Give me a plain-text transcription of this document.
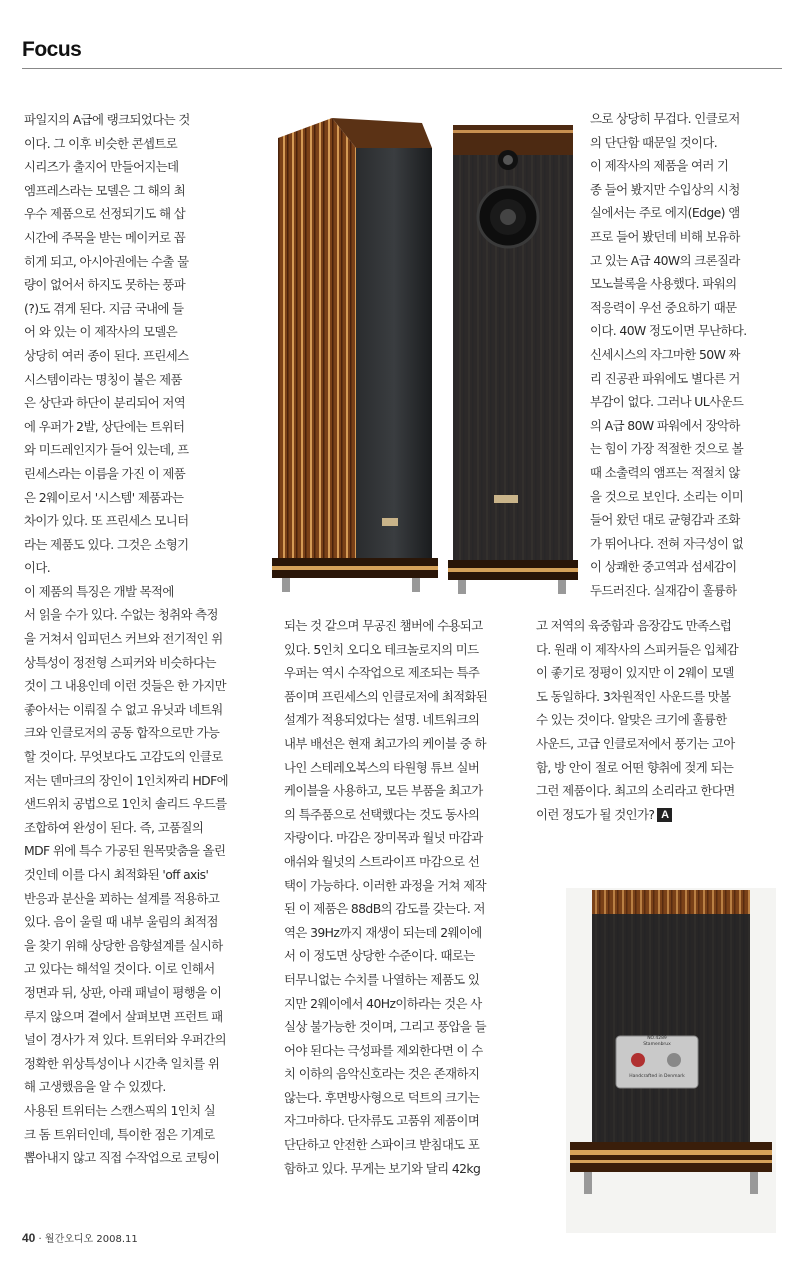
Focus
파일지의 A급에 랭크되었다는 것
이다. 그 이후 비슷한 콘셉트로
시리즈가 출지어 만들어지는데
엠프레스라는 모델은 그 해의 최
우수 제품으로 선정되기도 해 삽
시간에 주목을 받는 메이커로 꼽
히게 되고, 아시아권에는 수출 물
량이 없어서 하지도 못하는 풍파
(?)도 겪게 된다. 지금 국내에 들
어 와 있는 이 제작사의 모델은
상당히 여러 종이 된다. 프린세스
시스템이라는 명칭이 붙은 제품
은 상단과 하단이 분리되어 저역
에 우퍼가 2발, 상단에는 트위터
와 미드레인지가 들어 있는데, 프
린세스라는 이름을 가진 이 제품
은 2웨이로서 '시스템' 제품과는
차이가 있다. 또 프린세스 모니터
라는 제품도 있다. 그것은 소형기
이다.
이 제품의 특징은 개발 목적에
서 읽을 수가 있다. 수없는 청취와 측정
을 거쳐서 임피던스 커브와 전기적인 위
상특성이 정전형 스피커와 비슷하다는
것이 그 내용인데 이런 것들은 한 가지만
좋아서는 이뤄질 수 없고 유닛과 네트워
크와 인클로저의 공동 합작으로만 가능
할 것이다. 무엇보다도 고감도의 인클로
저는 덴마크의 장인이 1인치짜리 HDF에
샌드위치 공법으로 1인치 솔리드 우드를
조합하여 완성이 된다. 즉, 고품질의
MDF 위에 특수 가공된 원목맞춤을 올린
것인데 이를 다시 최적화된 'off axis'
반응과 분산을 꾀하는 설계를 적용하고
있다. 음이 울릴 때 내부 울림의 최적점
을 찾기 위해 상당한 음향설계를 실시하
고 있다는 해석일 것이다. 이로 인해서
정면과 뒤, 상판, 아래 패널이 평행을 이
루지 않으며 곁에서 살펴보면 프런트 패
널이 경사가 져 있다. 트위터와 우퍼간의
정확한 위상특성이나 시간축 일치를 위
해 고생했음을 알 수 있겠다.
사용된 트위터는 스캔스픽의 1인치 실
크 돔 트위터인데, 특이한 점은 기계로
뽑아내지 않고 직접 수작업으로 코팅이
되는 것 같으며 무공진 챔버에 수용되고
있다. 5인치 오디오 테크놀로지의 미드
우퍼는 역시 수작업으로 제조되는 특주
품이며 프린세스의 인클로저에 최적화된
설계가 적용되었다는 설명. 네트워크의
내부 배선은 현재 최고가의 케이블 중 하
나인 스테레오복스의 타원형 튜브 실버
케이블을 사용하고, 모든 부품을 최고가
의 특주품으로 선택했다는 것도 동사의
자랑이다. 마감은 장미목과 월넛 마감과
애쉬와 월넛의 스트라이프 마감으로 선
택이 가능하다. 이러한 과정을 거쳐 제작
된 이 제품은 88dB의 감도를 갖는다. 저
역은 39Hz까지 재생이 되는데 2웨이에
서 이 정도면 상당한 수준이다. 때로는
터무니없는 수치를 나열하는 제품도 있
지만 2웨이에서 40Hz이하라는 것은 사
실상 불가능한 것이며, 그리고 풍압을 들
어야 된다는 극성파를 제외한다면 이 수
치 이하의 음악신호라는 것은 존재하지
않는다. 후면방사형으로 덕트의 크기는
자그마하다. 단자류도 고품위 제품이며
단단하고 안전한 스파이크 받침대도 포
함하고 있다. 무게는 보기와 달리 42kg
으로 상당히 무겁다. 인클로저
의 단단함 때문일 것이다.
이 제작사의 제품을 여러 기
종 들어 봤지만 수입상의 시청
실에서는 주로 에지(Edge) 앰
프로 들어 봤던데 비해 보유하
고 있는 A급 40W의 크론질라
모노블록을 사용했다. 파워의
적응력이 우선 중요하기 때문
이다. 40W 정도이면 무난하다.
신세시스의 자그마한 50W 짜
리 진공관 파워에도 별다른 거
부감이 없다. 그러나 UL사운드
의 A급 80W 파워에서 장악하
는 힘이 가장 적절한 것으로 볼
때 소출력의 앰프는 적절치 않
을 것으로 보인다. 소리는 이미
들어 왔던 대로 균형감과 조화
가 뛰어나다. 전혀 자극성이 없
이 상쾌한 중고역과 섬세감이
두드러진다. 실재감이 훌륭하
고 저역의 육중함과 음장감도 만족스럽
다. 원래 이 제작사의 스피커들은 입체감
이 좋기로 정평이 있지만 이 2웨이 모델
도 동일하다. 3차원적인 사운드를 맛볼
수 있는 것이다. 알맞은 크기에 훌륭한
사운드, 고급 인클로저에서 풍기는 고아
함, 방 안이 절로 어떤 향취에 젖게 되는
그런 제품이다. 최고의 소리라고 한다면
이런 정도가 될 것인가? A
NO.4289
Stamenbrux
Handcrafted in Denmark
40 · 월간오디오 2008.11
